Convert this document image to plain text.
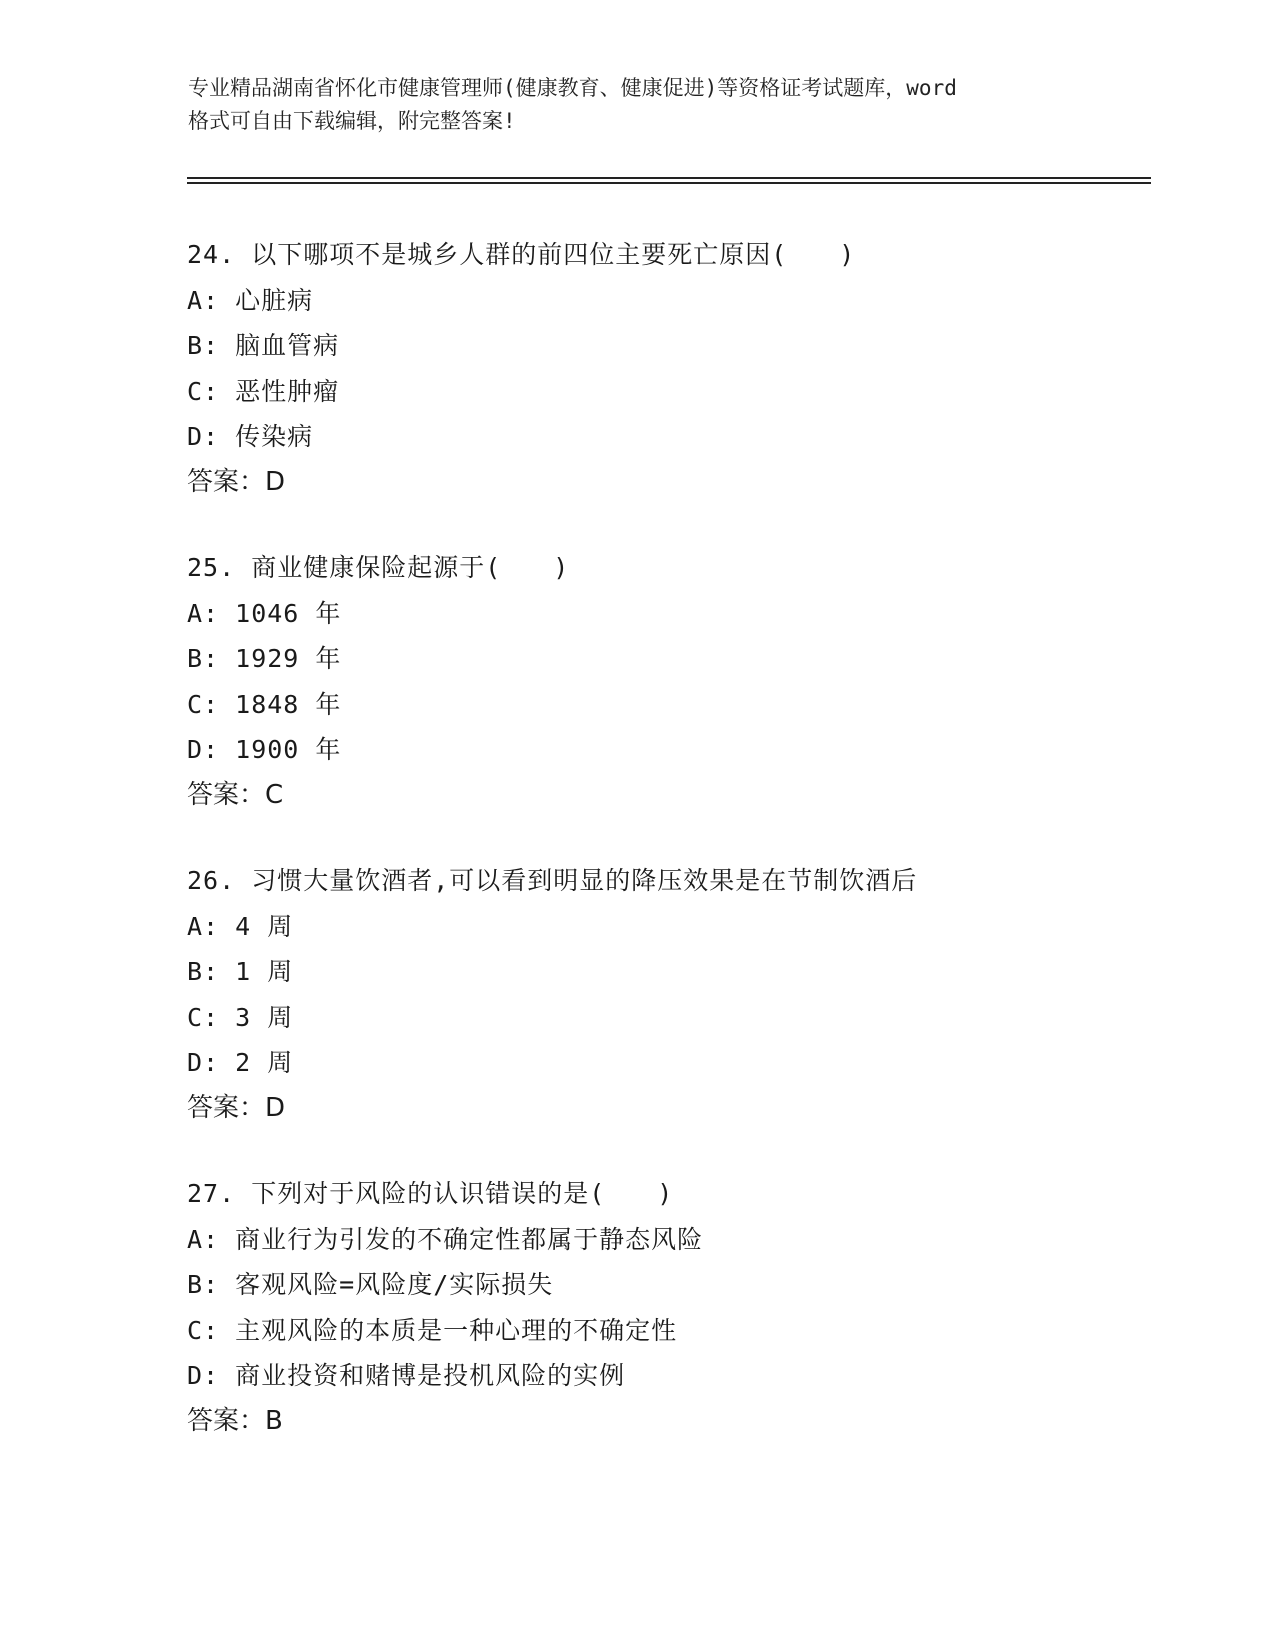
专业精品湖南省怀化市健康管理师(健康教育、健康促进)等资格证考试题库，word
格式可自由下载编辑，附完整答案!
24. 以下哪项不是城乡人群的前四位主要死亡原因(　　)
A: 心脏病
B: 脑血管病
C: 恶性肿瘤
D: 传染病
答案：D
25. 商业健康保险起源于(　　)
A: 1046 年
B: 1929 年
C: 1848 年
D: 1900 年
答案：C
26. 习惯大量饮酒者,可以看到明显的降压效果是在节制饮酒后
A: 4 周
B: 1 周
C: 3 周
D: 2 周
答案：D
27. 下列对于风险的认识错误的是(　　)
A: 商业行为引发的不确定性都属于静态风险
B: 客观风险=风险度/实际损失
C: 主观风险的本质是一种心理的不确定性
D: 商业投资和赌博是投机风险的实例
答案：B
